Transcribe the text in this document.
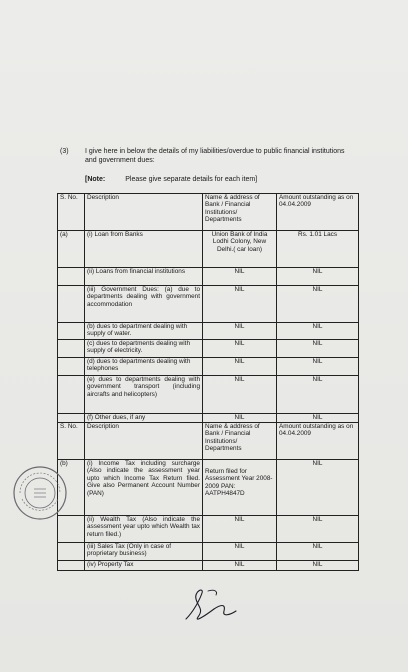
(3) I give here in below the details of my liabilities/overdue to public financial institutions and government dues:
[Note:	Please give separate details for each item]
S. No.	Description	Name & address of Bank / Financial Institutions/ Departments	Amount outstanding as on 04.04.2009
(a)	(i) Loan from Banks	Union Bank of India Lodhi Colony, New Delhi.( car loan)	Rs. 1.01 Lacs
	(ii) Loans from financial institutions	NIL	NIL
	(iii) Government Dues: (a) due to departments dealing with government accommodation	NIL	NIL
	(b) dues to department dealing with supply of water.	NIL	NIL
	(c) dues to departments dealing with supply of electricity.	NIL	NIL
	(d) dues to departments dealing with telephones	NIL	NIL
	(e) dues to departments dealing with government transport (including aircrafts and helicopters)	NIL	NIL
	(f) Other dues, if any	NIL	NIL
S. No.	Description	Name & address of Bank / Financial Institutions/ Departments	Amount outstanding as on 04.04.2009
(b)	(i) Income Tax including surcharge (Also indicate the assessment year upto which Income Tax Return filed. Give also Permanent Account Number (PAN)	Return filed for Assessment Year 2008-2009 PAN: AATPH4847D	NIL
	(ii) Wealth Tax (Also indicate the assessment year upto which Wealth tax return filed.)	NIL	NIL
	(iii) Sales Tax (Only in case of proprietary business)	NIL	NIL
	(iv) Property Tax	NIL	NIL
